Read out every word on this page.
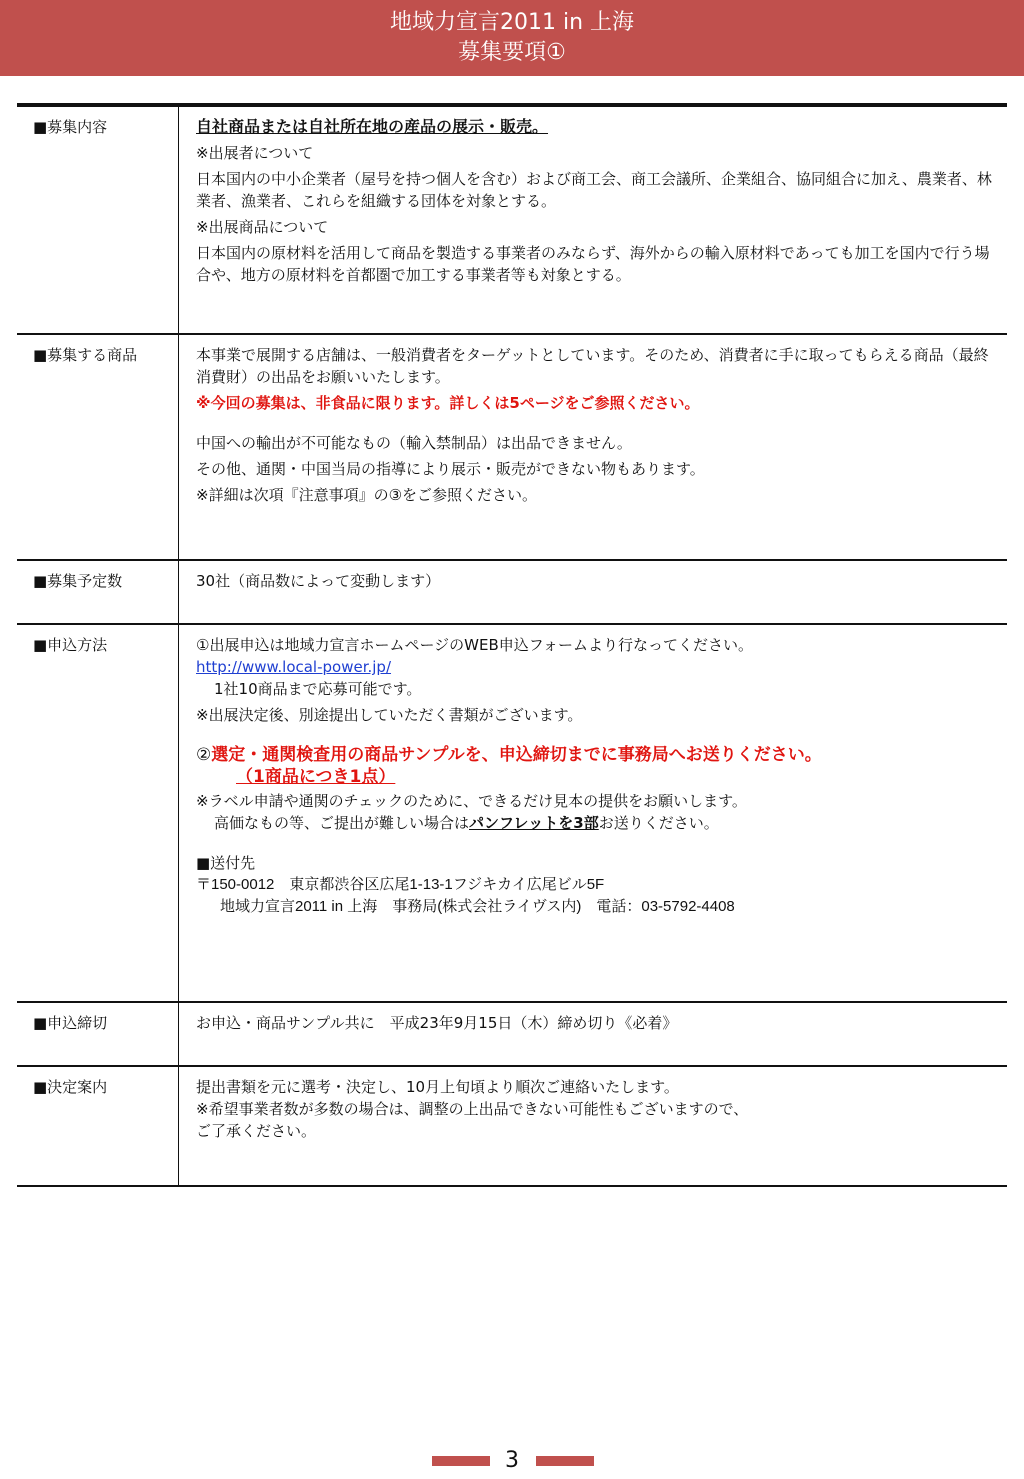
地域力宣言2011 in 上海
募集要項①
■募集内容	自社商品または自社所在地の産品の展示・販売。

※出展者について

日本国内の中小企業者（屋号を持つ個人を含む）および商工会、商工会議所、企業組合、協同組合に加え、農業者、林業者、漁業者、これらを組織する団体を対象とする。

※出展商品について

日本国内の原材料を活用して商品を製造する事業者のみならず、海外からの輸入原材料であっても加工を国内で行う場合や、地方の原材料を首都圏で加工する事業者等も対象とする。

■募集する商品	本事業で展開する店舗は、一般消費者をターゲットとしています。そのため、消費者に手に取ってもらえる商品（最終消費財）の出品をお願いいたします。

※今回の募集は、非食品に限ります。詳しくは5ページをご参照ください。

中国への輸出が不可能なもの（輸入禁制品）は出品できません。

その他、通関・中国当局の指導により展示・販売ができない物もあります。

※詳細は次項『注意事項』の③をご参照ください。

■募集予定数	30社（商品数によって変動します）

■申込方法	①出展申込は地域力宣言ホームページのWEB申込フォームより行なってください。

http://www.local-power.jp/

1社10商品まで応募可能です。

※出展決定後、別途提出していただく書類がございます。

②選定・通関検査用の商品サンプルを、申込締切までに事務局へお送りください。

（1商品につき1点）

※ラベル申請や通関のチェックのために、できるだけ見本の提供をお願いします。

高価なもの等、ご提出が難しい場合はパンフレットを3部お送りください。

■送付先

〒150-0012　東京都渋谷区広尾1-13-1フジキカイ広尾ビル5F

地域力宣言2011 in 上海　事務局(株式会社ライヴス内)　電話：03-5792-4408

■申込締切	お申込・商品サンプル共に　平成23年9月15日（木）締め切り《必着》

■決定案内	提出書類を元に選考・決定し、10月上旬頃より順次ご連絡いたします。

※希望事業者数が多数の場合は、調整の上出品できない可能性もございますので、

ご了承ください。

3
